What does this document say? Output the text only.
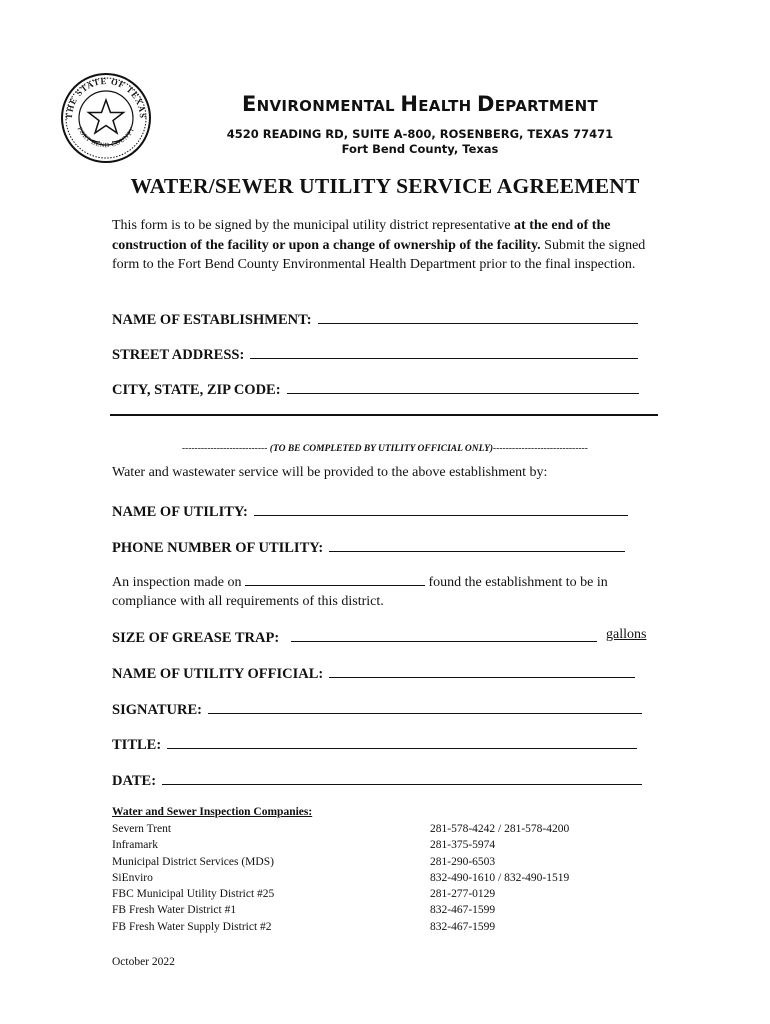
THE STATE OF TEXAS
FORT BEND COUNTY
ENVIRONMENTAL HEALTH DEPARTMENT
4520 READING RD, SUITE A-800, ROSENBERG, TEXAS 77471
Fort Bend County, Texas
WATER/SEWER UTILITY SERVICE AGREEMENT
This form is to be signed by the municipal utility district representative at the end of the construction of the facility or upon a change of ownership of the facility. Submit the signed form to the Fort Bend County Environmental Health Department prior to the final inspection.
NAME OF ESTABLISHMENT:
STREET ADDRESS:
CITY, STATE, ZIP CODE:
--------------------------- (TO BE COMPLETED BY UTILITY OFFICIAL ONLY)------------------------------
Water and wastewater service will be provided to the above establishment by:
NAME OF UTILITY:
PHONE NUMBER OF UTILITY:
An inspection made on	found the establishment to be in
compliance with all requirements of this district.
SIZE OF GREASE TRAP:	gallons
NAME OF UTILITY OFFICIAL:
SIGNATURE:
TITLE:
DATE:
Water and Sewer Inspection Companies:
Severn Trent
Inframark
Municipal District Services (MDS)
SiEnviro
FBC Municipal Utility District #25
FB Fresh Water District #1
FB Fresh Water Supply District #2
281-578-4242 / 281-578-4200
281-375-5974
281-290-6503
832-490-1610 / 832-490-1519
281-277-0129
832-467-1599
832-467-1599
October 2022
